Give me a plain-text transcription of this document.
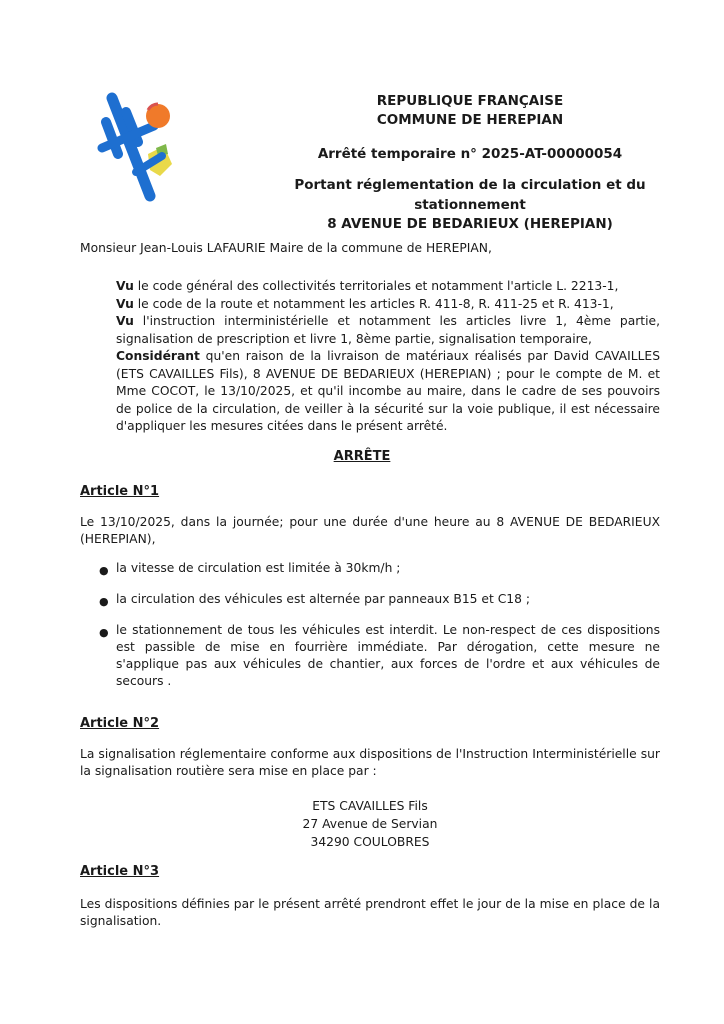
REPUBLIQUE FRANÇAISE
COMMUNE DE HEREPIAN
Arrêté temporaire n° 2025-AT-00000054
Portant réglementation de la circulation et du
stationnement
8 AVENUE DE BEDARIEUX (HEREPIAN)
Monsieur Jean-Louis LAFAURIE Maire de la commune de HEREPIAN,

Vu le code général des collectivités territoriales et notamment l'article L. 2213-1,

Vu le code de la route et notamment les articles R. 411-8, R. 411-25 et R. 413-1,

Vu l'instruction interministérielle et notamment les articles livre 1, 4ème partie, signalisation de prescription et livre 1, 8ème partie, signalisation temporaire,

Considérant qu'en raison de la livraison de matériaux réalisés par David CAVAILLES (ETS CAVAILLES Fils), 8 AVENUE DE BEDARIEUX (HEREPIAN) ; pour le compte de M. et Mme COCOT, le 13/10/2025, et qu'il incombe au maire, dans le cadre de ses pouvoirs de police de la circulation, de veiller à la sécurité sur la voie publique, il est nécessaire d'appliquer les mesures citées dans le présent arrêté.

ARRÊTE
Article N°1
Le 13/10/2025, dans la journée; pour une durée d'une heure au 8 AVENUE DE BEDARIEUX (HEREPIAN),
● la vitesse de circulation est limitée à 30km/h ;
● la circulation des véhicules est alternée par panneaux B15 et C18 ;
● le stationnement de tous les véhicules est interdit. Le non-respect de ces dispositions est passible de mise en fourrière immédiate. Par dérogation, cette mesure ne s'applique pas aux véhicules de chantier, aux forces de l'ordre et aux véhicules de secours .
Article N°2
La signalisation réglementaire conforme aux dispositions de l'Instruction Interministérielle sur la signalisation routière sera mise en place par :
ETS CAVAILLES Fils
27 Avenue de Servian
34290 COULOBRES
Article N°3
Les dispositions définies par le présent arrêté prendront effet le jour de la mise en place de la signalisation.
